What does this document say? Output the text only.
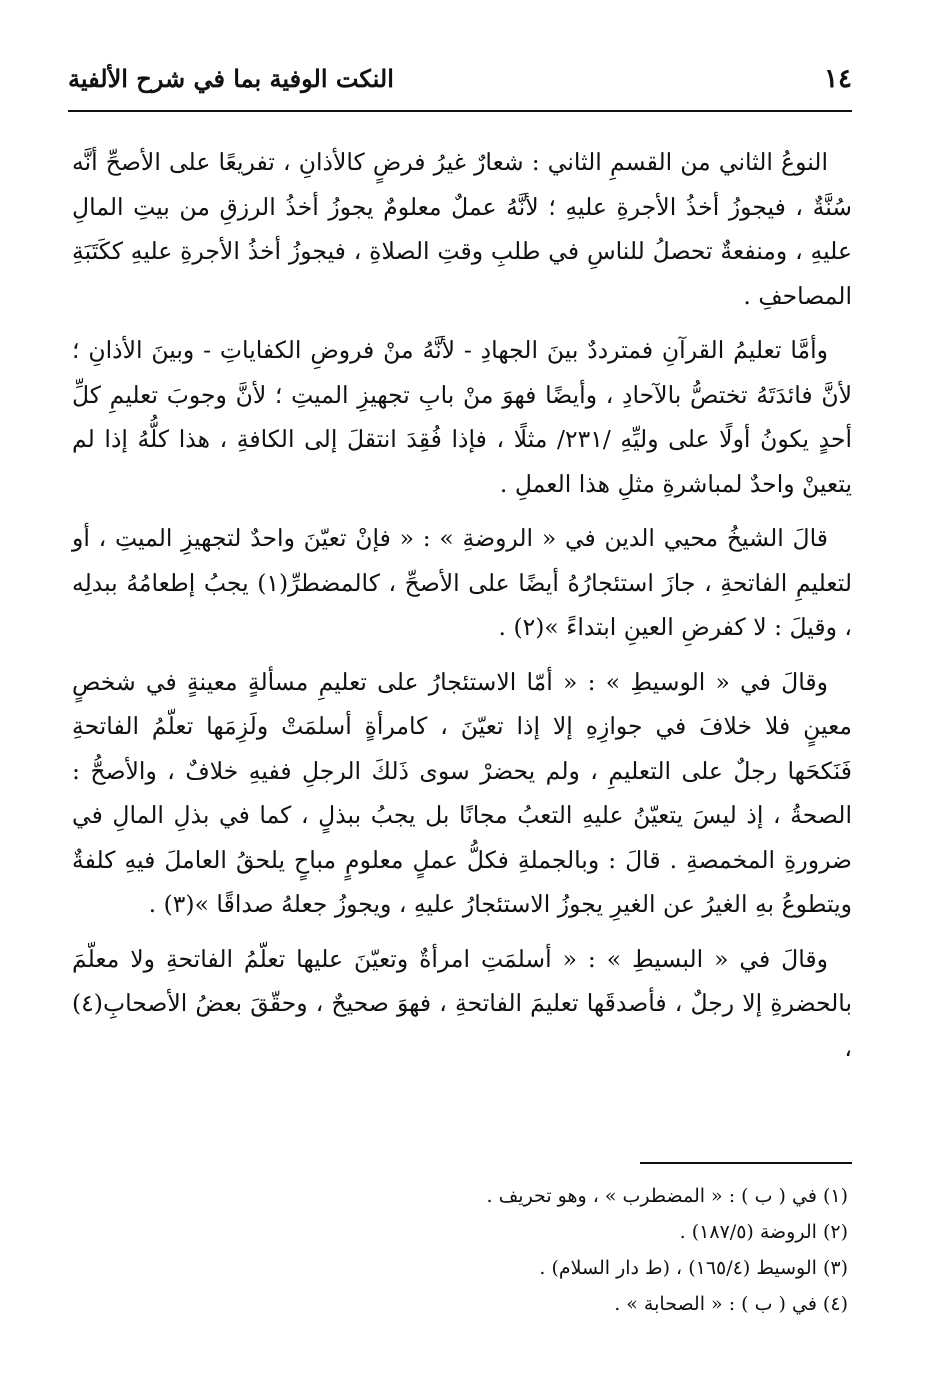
١٤
النكت الوفية بما في شرح الألفية

النوعُ الثاني من القسمِ الثاني : شعارٌ غيرُ فرضٍ كالأذانِ ، تفريعًا على الأصحِّ أنَّه سُنَّةٌ ، فيجوزُ أخذُ الأجرةِ عليهِ ؛ لأنَّهُ عملٌ معلومٌ يجوزُ أخذُ الرزقِ من بيتِ المالِ عليهِ ، ومنفعةٌ تحصلُ للناسِ في طلبِ وقتِ الصلاةِ ، فيجوزُ أخذُ الأجرةِ عليهِ ككَتَبَةِ المصاحفِ .

وأمَّا تعليمُ القرآنِ فمترددٌ بينَ الجهادِ - لأنَّهُ منْ فروضِ الكفاياتِ - وبينَ الأذانِ ؛ لأنَّ فائدَتَهُ تختصُّ بالآحادِ ، وأيضًا فهوَ منْ بابِ تجهيزِ الميتِ ؛ لأنَّ وجوبَ تعليمِ كلِّ أحدٍ يكونُ أولًا على وليِّهِ /٢٣١/ مثلًا ، فإذا فُقِدَ انتقلَ إلى الكافةِ ، هذا كلُّهُ إذا لم يتعينْ واحدٌ لمباشرةِ مثلِ هذا العملِ .

قالَ الشيخُ محيي الدين في « الروضةِ » : « فإنْ تعيّنَ واحدٌ لتجهيزِ الميتِ ، أو لتعليمِ الفاتحةِ ، جازَ استئجارُهُ أيضًا على الأصحِّ ، كالمضطرِّ(١) يجبُ إطعامُهُ ببدلِه ، وقيلَ : لا كفرضِ العينِ ابتداءً »(٢) .

وقالَ في « الوسيطِ » : « أمّا الاستئجارُ على تعليمِ مسألةٍ معينةٍ في شخصٍ معينٍ فلا خلافَ في جوازِهِ إلا إذا تعيّنَ ، كامرأةٍ أسلمَتْ ولَزِمَها تعلّمُ الفاتحةِ فَنَكحَها رجلٌ على التعليمِ ، ولم يحضرْ سوى ذَلكَ الرجلِ ففيهِ خلافٌ ، والأصحُّ : الصحةُ ، إذ ليسَ يتعيّنُ عليهِ التعبُ مجانًا بل يجبُ ببذلٍ ، كما في بذلِ المالِ في ضرورةِ المخمصةِ . قالَ : وبالجملةِ فكلُّ عملٍ معلومٍ مباحٍ يلحقُ العاملَ فيهِ كلفةٌ ويتطوعُ بهِ الغيرُ عن الغيرِ يجوزُ الاستئجارُ عليهِ ، ويجوزُ جعلهُ صداقًا »(٣) .

وقالَ في « البسيطِ » : « أسلمَتِ امرأةٌ وتعيّنَ عليها تعلّمُ الفاتحةِ ولا معلّمَ بالحضرةِ إلا رجلٌ ، فأصدقَها تعليمَ الفاتحةِ ، فهوَ صحيحٌ ، وحقّقَ بعضُ الأصحابِ(٤) ،

(١) في ( ب ) : « المضطرب » ، وهو تحريف .
(٢) الروضة (١٨٧/٥) .
(٣) الوسيط (١٦٥/٤) ، (ط دار السلام) .
(٤) في ( ب ) : « الصحابة » .
